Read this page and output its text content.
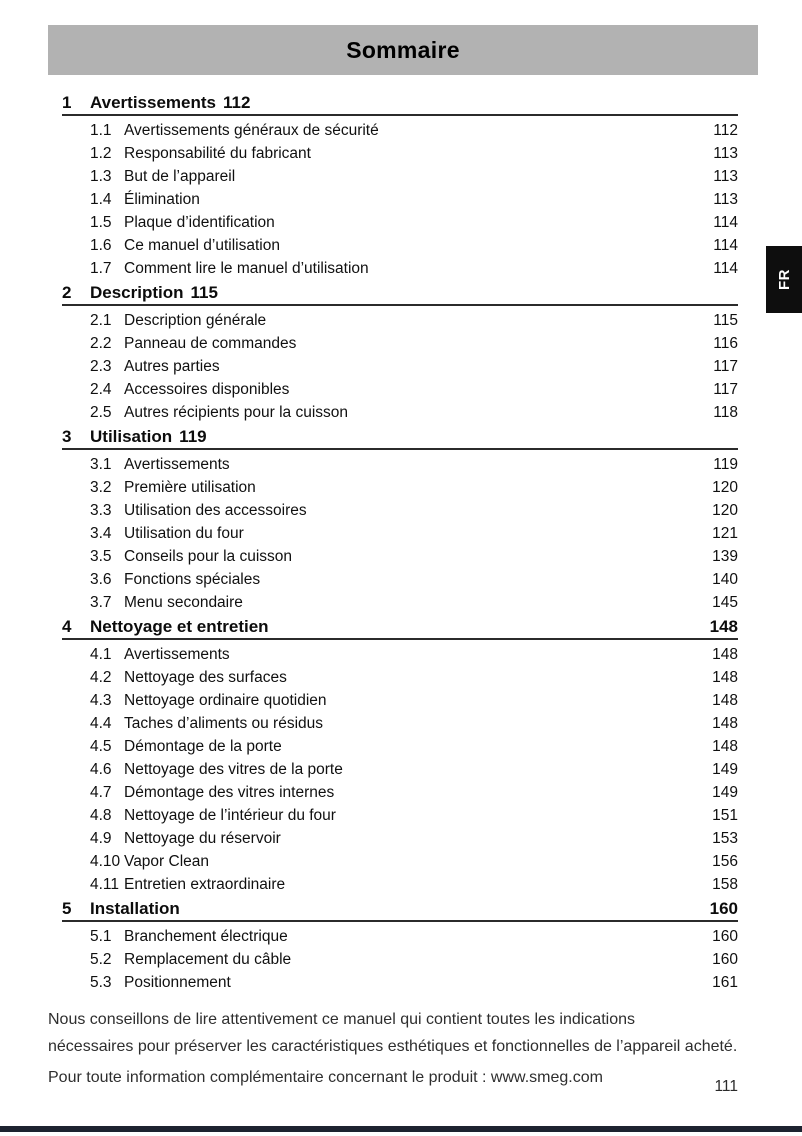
Sommaire
1	Avertissements 112
1.1 Avertissements généraux de sécurité	112
1.2 Responsabilité du fabricant	113
1.3 But de l’appareil	113
1.4 Élimination	113
1.5 Plaque d’identification	114
1.6 Ce manuel d’utilisation	114
1.7 Comment lire le manuel d’utilisation	114
2	Description 115
2.1 Description générale	115
2.2 Panneau de commandes	116
2.3 Autres parties	117
2.4 Accessoires disponibles	117
2.5 Autres récipients pour la cuisson	118
3	Utilisation 119
3.1 Avertissements	119
3.2 Première utilisation	120
3.3 Utilisation des accessoires	120
3.4 Utilisation du four	121
3.5 Conseils pour la cuisson	139
3.6 Fonctions spéciales	140
3.7 Menu secondaire	145
4	Nettoyage et entretien	148
4.1 Avertissements	148
4.2 Nettoyage des surfaces	148
4.3 Nettoyage ordinaire quotidien	148
4.4 Taches d’aliments ou résidus	148
4.5 Démontage de la porte	148
4.6 Nettoyage des vitres de la porte	149
4.7 Démontage des vitres internes	149
4.8 Nettoyage de l’intérieur du four	151
4.9 Nettoyage du réservoir	153
4.10 Vapor Clean	156
4.11 Entretien extraordinaire	158
5	Installation	160
5.1 Branchement électrique	160
5.2 Remplacement du câble	160
5.3 Positionnement	161
Nous conseillons de lire attentivement ce manuel qui contient toutes les indications
nécessaires pour préserver les caractéristiques esthétiques et fonctionnelles de l’appareil acheté.
Pour toute information complémentaire concernant le produit : www.smeg.com
111
FR
